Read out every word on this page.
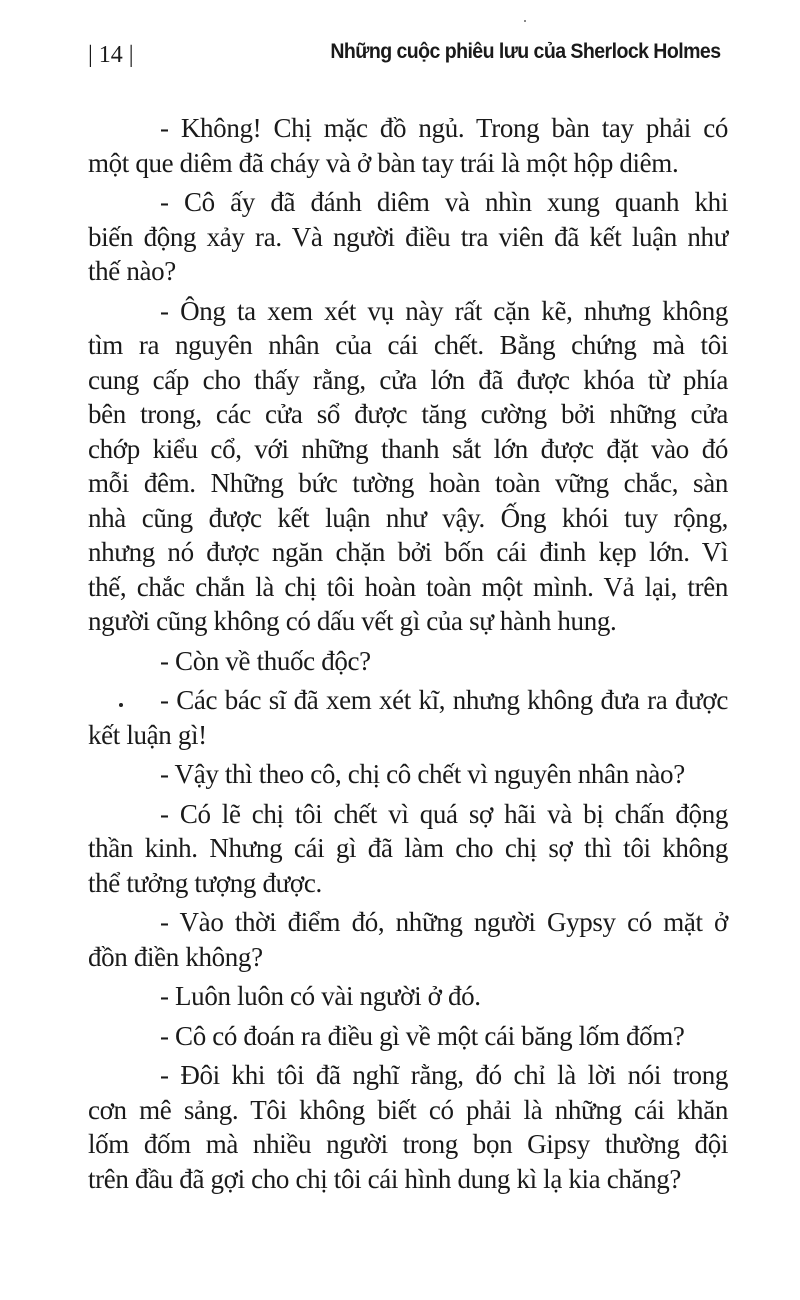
| 14 |	Những cuộc phiêu lưu của Sherlock Holmes
- Không! Chị mặc đồ ngủ. Trong bàn tay phải có
một que diêm đã cháy và ở bàn tay trái là một hộp diêm.
- Cô ấy đã đánh diêm và nhìn xung quanh khi
biến động xảy ra. Và người điều tra viên đã kết luận như
thế nào?
- Ông ta xem xét vụ này rất cặn kẽ, nhưng không
tìm ra nguyên nhân của cái chết. Bằng chứng mà tôi
cung cấp cho thấy rằng, cửa lớn đã được khóa từ phía
bên trong, các cửa sổ được tăng cường bởi những cửa
chớp kiểu cổ, với những thanh sắt lớn được đặt vào đó
mỗi đêm. Những bức tường hoàn toàn vững chắc, sàn
nhà cũng được kết luận như vậy. Ống khói tuy rộng,
nhưng nó được ngăn chặn bởi bốn cái đinh kẹp lớn. Vì
thế, chắc chắn là chị tôi hoàn toàn một mình. Vả lại, trên
người cũng không có dấu vết gì của sự hành hung.
- Còn về thuốc độc?
- Các bác sĩ đã xem xét kĩ, nhưng không đưa ra được
kết luận gì!
- Vậy thì theo cô, chị cô chết vì nguyên nhân nào?
- Có lẽ chị tôi chết vì quá sợ hãi và bị chấn động
thần kinh. Nhưng cái gì đã làm cho chị sợ thì tôi không
thể tưởng tượng được.
- Vào thời điểm đó, những người Gypsy có mặt ở
đồn điền không?
- Luôn luôn có vài người ở đó.
- Cô có đoán ra điều gì về một cái băng lốm đốm?
- Đôi khi tôi đã nghĩ rằng, đó chỉ là lời nói trong
cơn mê sảng. Tôi không biết có phải là những cái khăn
lốm đốm mà nhiều người trong bọn Gipsy thường đội
trên đầu đã gợi cho chị tôi cái hình dung kì lạ kia chăng?
